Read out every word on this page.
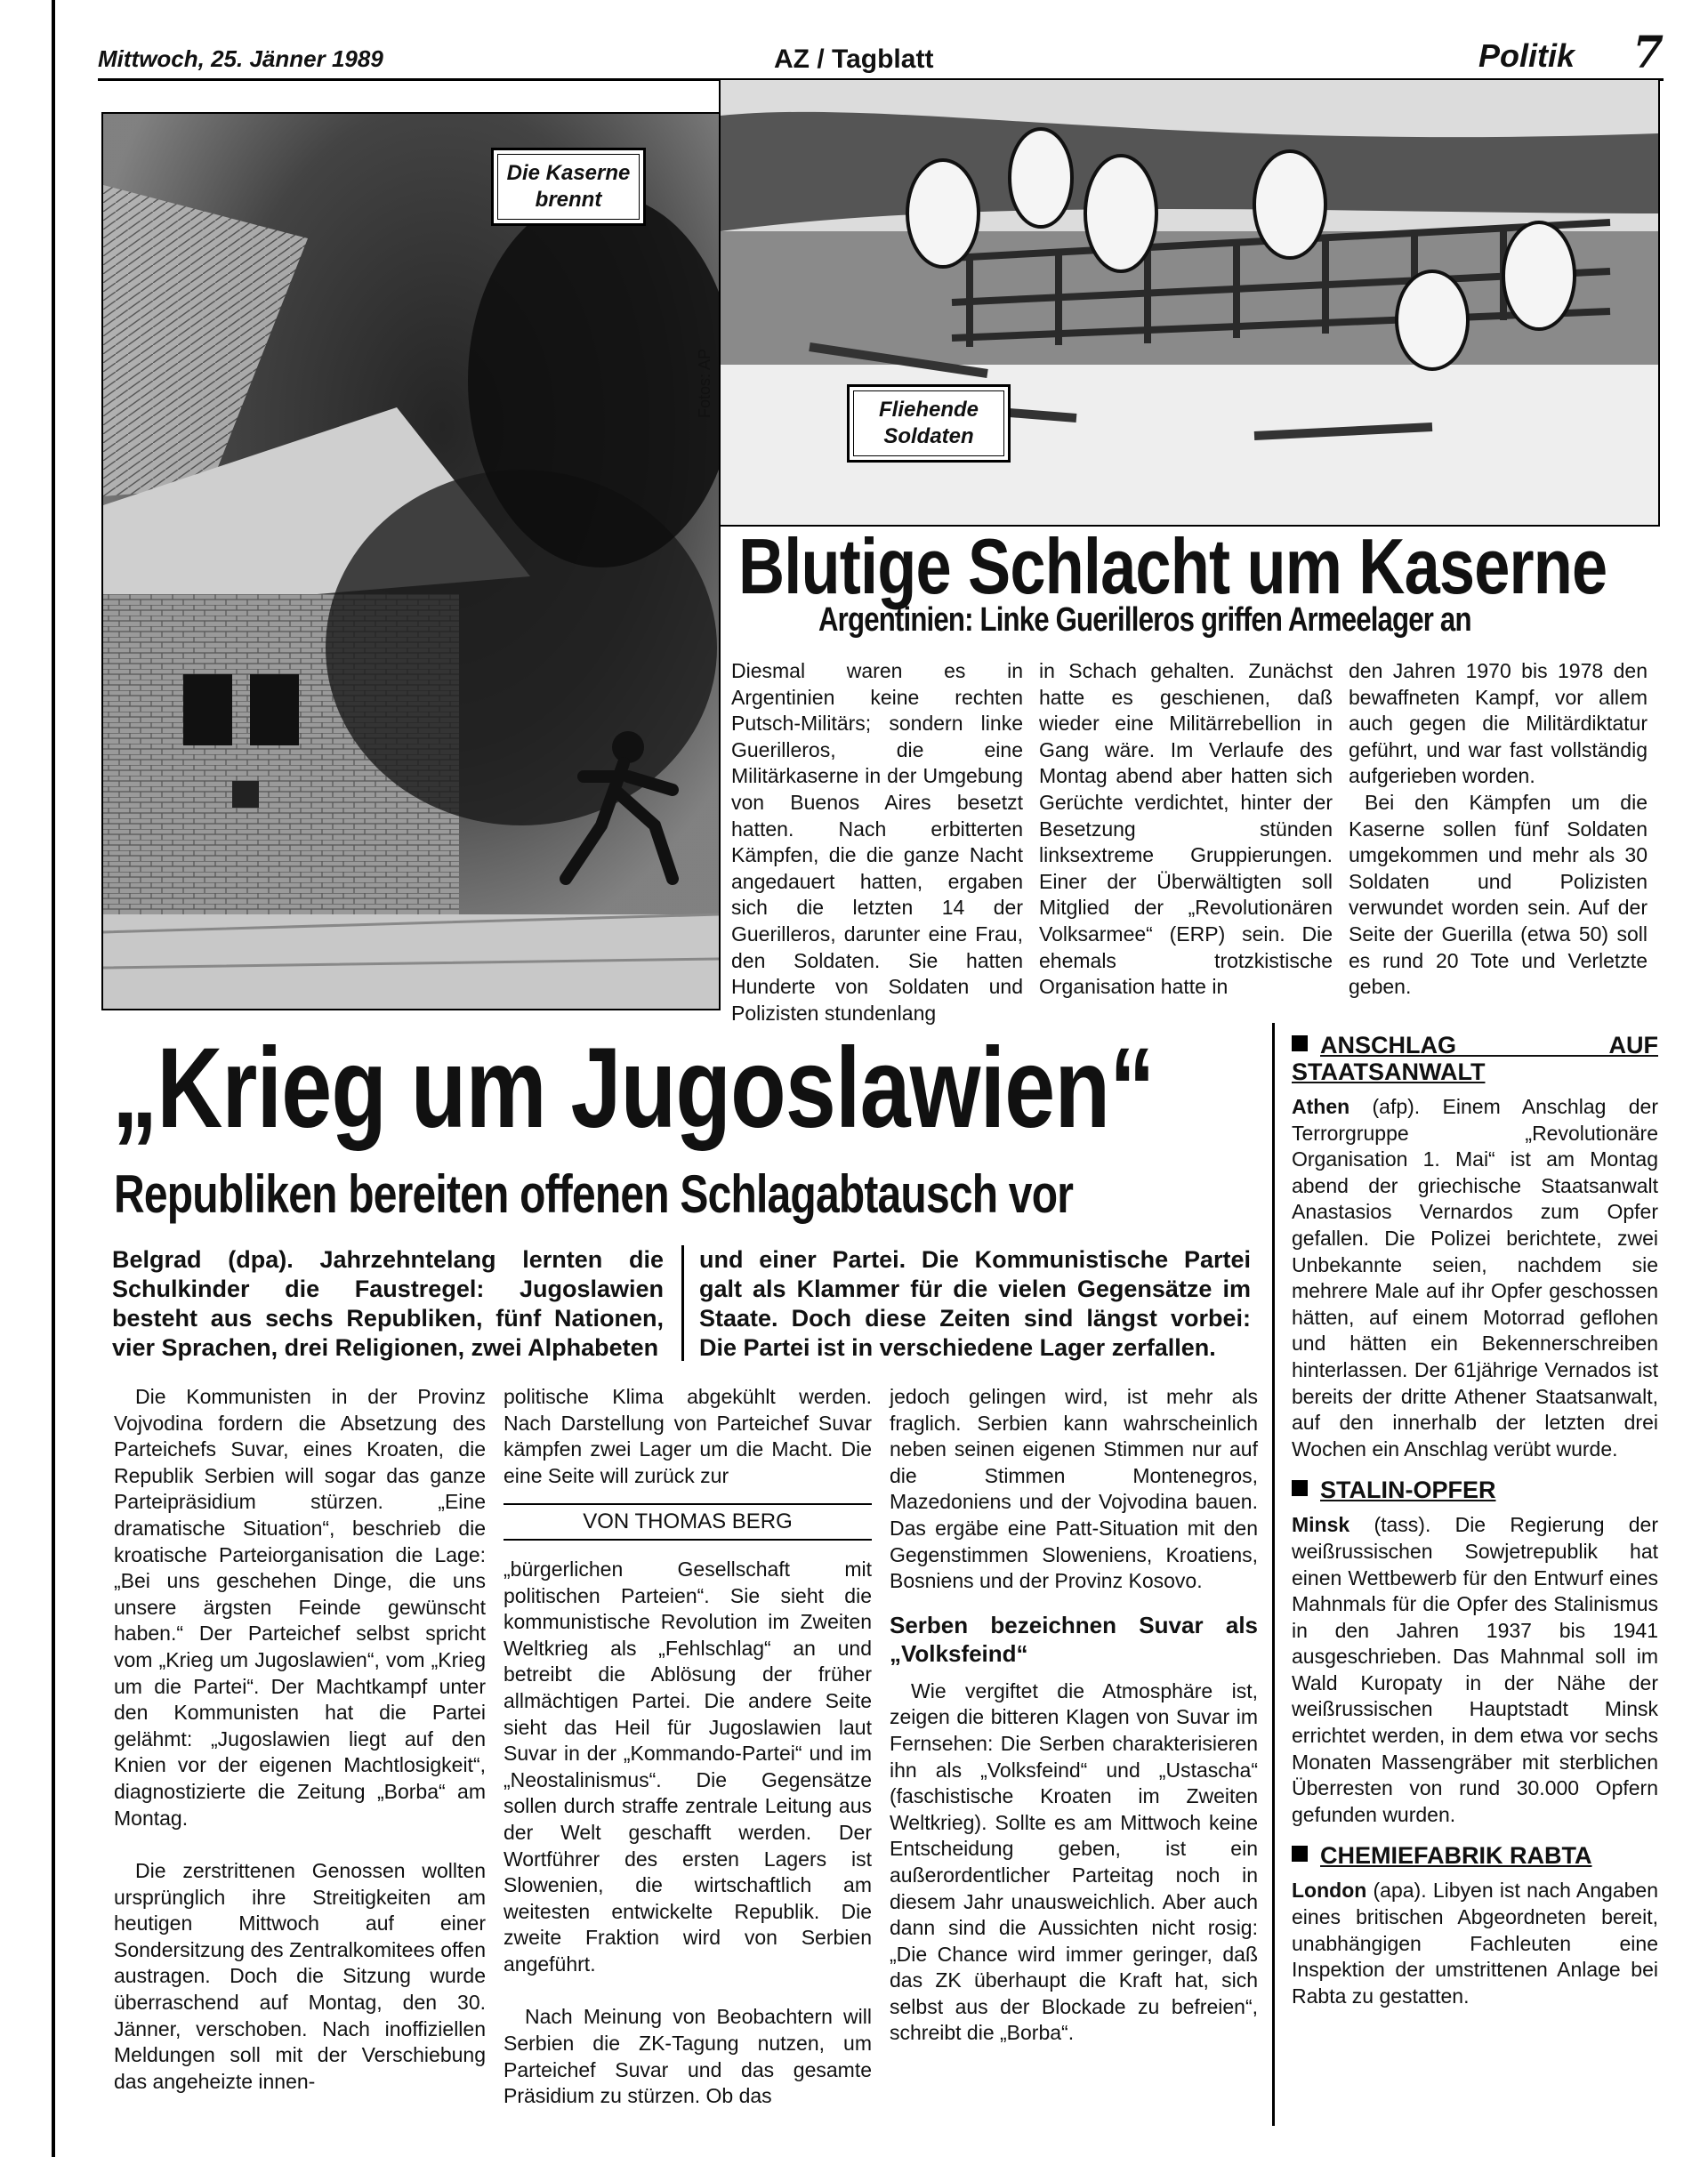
Mittwoch, 25. Jänner 1989	AZ / Tagblatt	Politik 7
Die Kaserne
brennt
Fliehende
Soldaten
Fotos: AP
Blutige Schlacht um Kaserne
Argentinien: Linke Guerilleros griffen Armeelager an

Diesmal waren es in Argentinien keine rechten Putsch-Militärs; sondern linke Guerilleros, die eine Militärkaserne in der Umgebung von Buenos Aires besetzt hatten. Nach erbitterten Kämpfen, die die ganze Nacht angedauert hatten, ergaben sich die letzten 14 der Guerilleros, darunter eine Frau, den Soldaten. Sie hatten Hunderte von Soldaten und Polizisten stundenlang

in Schach gehalten. Zunächst hatte es geschienen, daß wieder eine Militärrebellion in Gang wäre. Im Verlaufe des Montag abend aber hatten sich Gerüchte verdichtet, hinter der Besetzung stünden linksextreme Gruppierungen. Einer der Überwältigten soll Mitglied der „Revolutionären Volksarmee“ (ERP) sein. Die ehemals trotzkistische Organisation hatte in

den Jahren 1970 bis 1978 den bewaffneten Kampf, vor allem auch gegen die Militärdiktatur geführt, und war fast vollständig aufgerieben worden.

Bei den Kämpfen um die Kaserne sollen fünf Soldaten umgekommen und mehr als 30 Soldaten und Polizisten verwundet worden sein. Auf der Seite der Guerilla (etwa 50) soll es rund 20 Tote und Verletzte geben.

„Krieg um Jugoslawien“
Republiken bereiten offenen Schlagabtausch vor
Belgrad (dpa). Jahrzehntelang lernten die Schulkinder die Faustregel: Jugoslawien besteht aus sechs Republiken, fünf Nationen, vier Sprachen, drei Religionen, zwei Alphabeten
und einer Partei. Die Kommunistische Partei galt als Klammer für die vielen Gegensätze im Staate. Doch diese Zeiten sind längst vorbei: Die Partei ist in verschiedene Lager zerfallen.

Die Kommunisten in der Provinz Vojvodina fordern die Absetzung des Parteichefs Suvar, eines Kroaten, die Republik Serbien will sogar das ganze Parteipräsidium stürzen. „Eine dramatische Situation“, beschrieb die kroatische Parteiorganisation die Lage: „Bei uns geschehen Dinge, die uns unsere ärgsten Feinde gewünscht haben.“ Der Parteichef selbst spricht vom „Krieg um Jugoslawien“, vom „Krieg um die Partei“. Der Machtkampf unter den Kommunisten hat die Partei gelähmt: „Jugoslawien liegt auf den Knien vor der eigenen Machtlosigkeit“, diagnostizierte die Zeitung „Borba“ am Montag.

Die zerstrittenen Genossen wollten ursprünglich ihre Streitigkeiten am heutigen Mittwoch auf einer Sondersitzung des Zentralkomitees offen austragen. Doch die Sitzung wurde überraschend auf Montag, den 30. Jänner, verschoben. Nach inoffiziellen Meldungen soll mit der Verschiebung das angeheizte innen-

politische Klima abgekühlt werden. Nach Darstellung von Parteichef Suvar kämpfen zwei Lager um die Macht. Die eine Seite will zurück zur

VON THOMAS BERG

„bürgerlichen Gesellschaft mit politischen Parteien“. Sie sieht die kommunistische Revolution im Zweiten Weltkrieg als „Fehlschlag“ an und betreibt die Ablösung der früher allmächtigen Partei. Die andere Seite sieht das Heil für Jugoslawien laut Suvar in der „Kommando-Partei“ und im „Neostalinismus“. Die Gegensätze sollen durch straffe zentrale Leitung aus der Welt geschafft werden. Der Wortführer des ersten Lagers ist Slowenien, die wirtschaftlich am weitesten entwickelte Republik. Die zweite Fraktion wird von Serbien angeführt.

Nach Meinung von Beobachtern will Serbien die ZK-Tagung nutzen, um Parteichef Suvar und das gesamte Präsidium zu stürzen. Ob das

jedoch gelingen wird, ist mehr als fraglich. Serbien kann wahrscheinlich neben seinen eigenen Stimmen nur auf die Stimmen Montenegros, Mazedoniens und der Vojvodina bauen. Das ergäbe eine Patt-Situation mit den Gegenstimmen Sloweniens, Kroatiens, Bosniens und der Provinz Kosovo.

Serben bezeichnen Suvar als „Volksfeind“

Wie vergiftet die Atmosphäre ist, zeigen die bitteren Klagen von Suvar im Fernsehen: Die Serben charakterisieren ihn als „Volksfeind“ und „Ustascha“ (faschistische Kroaten im Zweiten Weltkrieg). Sollte es am Mittwoch keine Entscheidung geben, ist ein außerordentlicher Parteitag noch in diesem Jahr unausweichlich. Aber auch dann sind die Aussichten nicht rosig: „Die Chance wird immer geringer, daß das ZK überhaupt die Kraft hat, sich selbst aus der Blockade zu befreien“, schreibt die „Borba“.

ANSCHLAG AUF STAATSANWALT

Athen (afp). Einem Anschlag der Terrorgruppe „Revolutionäre Organisation 1. Mai“ ist am Montag abend der griechische Staatsanwalt Anastasios Vernardos zum Opfer gefallen. Die Polizei berichtete, zwei Unbekannte seien, nachdem sie mehrere Male auf ihr Opfer geschossen hätten, auf einem Motorrad geflohen und hätten ein Bekennerschreiben hinterlassen. Der 61jährige Vernados ist bereits der dritte Athener Staatsanwalt, auf den innerhalb der letzten drei Wochen ein Anschlag verübt wurde.

STALIN-OPFER

Minsk (tass). Die Regierung der weißrussischen Sowjetrepublik hat einen Wettbewerb für den Entwurf eines Mahnmals für die Opfer des Stalinismus in den Jahren 1937 bis 1941 ausgeschrieben. Das Mahnmal soll im Wald Kuropaty in der Nähe der weißrussischen Hauptstadt Minsk errichtet werden, in dem etwa vor sechs Monaten Massengräber mit sterblichen Überresten von rund 30.000 Opfern gefunden wurden.

CHEMIEFABRIK RABTA

London (apa). Libyen ist nach Angaben eines britischen Abgeordneten bereit, unabhängigen Fachleuten eine Inspektion der umstrittenen Anlage bei Rabta zu gestatten.
